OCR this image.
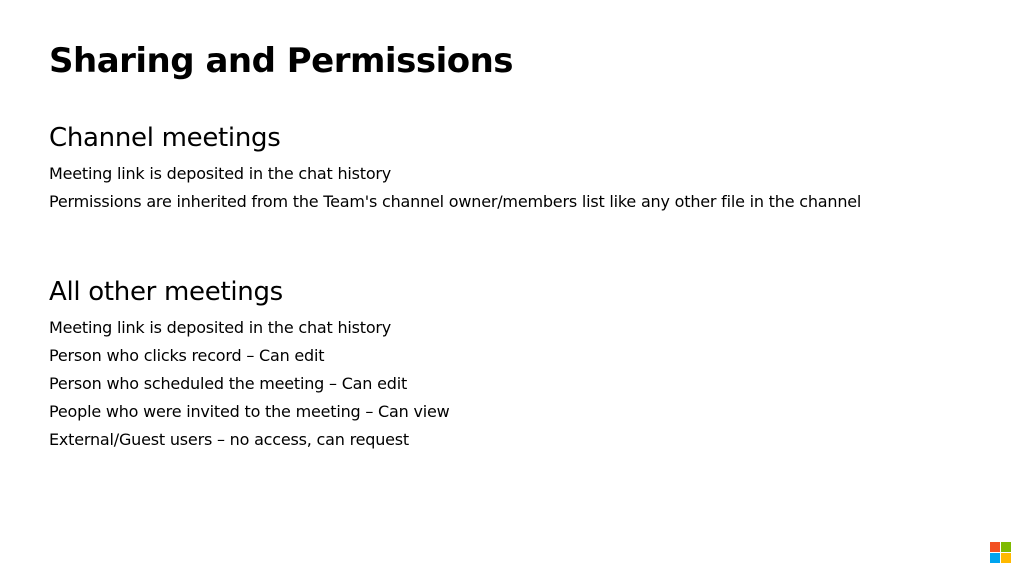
Sharing and Permissions
Channel meetings
Meeting link is deposited in the chat history
Permissions are inherited from the Team's channel owner/members list like any other file in the channel
All other meetings
Meeting link is deposited in the chat history
Person who clicks record – Can edit
Person who scheduled the meeting – Can edit
People who were invited to the meeting – Can view
External/Guest users – no access, can request
